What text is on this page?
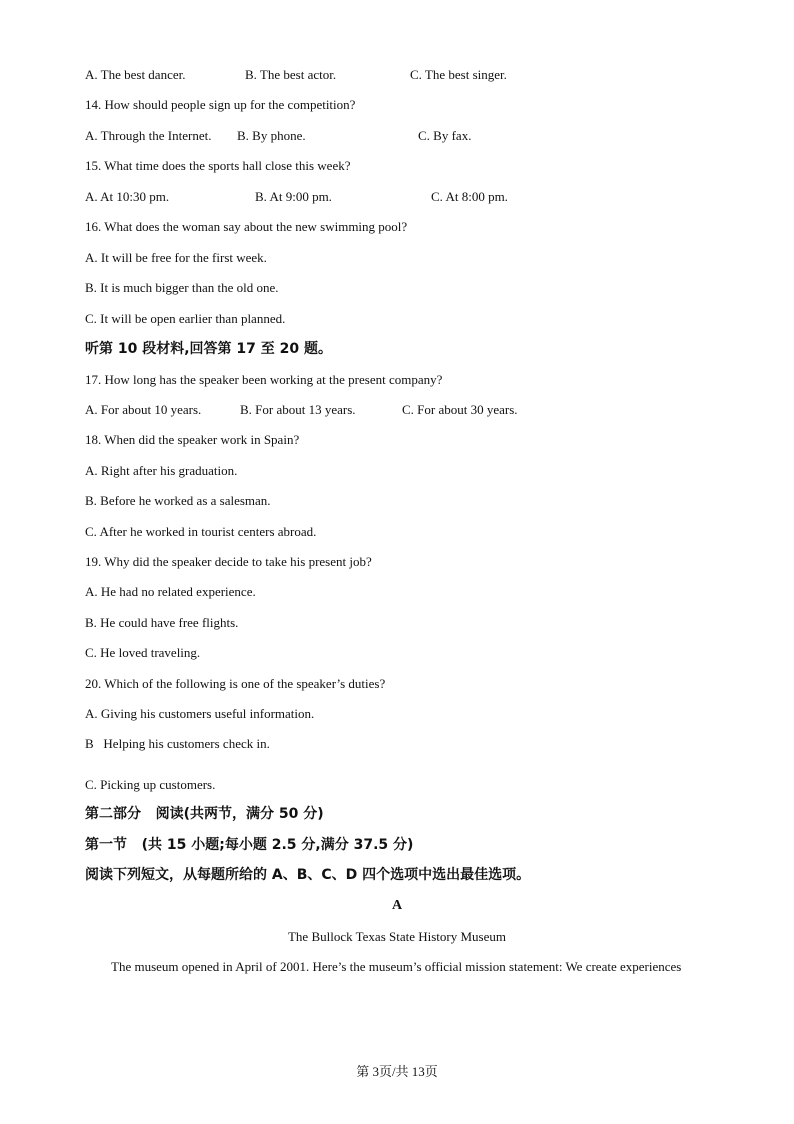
A. The best dancer.	B. The best actor.	C. The best singer.

14. How should people sign up for the competition?

A. Through the Internet. B. By phone.	C. By fax.

15. What time does the sports hall close this week?

A. At 10:30 pm.	B. At 9:00 pm.	C. At 8:00 pm.

16. What does the woman say about the new swimming pool?

A. It will be free for the first week.

B. It is much bigger than the old one.

C. It will be open earlier than planned.

听第 10 段材料,回答第 17 至 20 题。

17. How long has the speaker been working at the present company?

A. For about 10 years.	B. For about 13 years.	C. For about 30 years.

18. When did the speaker work in Spain?

A. Right after his graduation.

B. Before he worked as a salesman.

C. After he worked in tourist centers abroad.

19. Why did the speaker decide to take his present job?

A. He had no related experience.

B. He could have free flights.

C. He loved traveling.

20. Which of the following is one of the speaker’s duties?

A. Giving his customers useful information.

B   Helping his customers check in.

C. Picking up customers.

第二部分   阅读(共两节，满分 50 分)

第一节   (共 15 小题;每小题 2.5 分,满分 37.5 分)

阅读下列短文，从每题所给的 A、B、C、D 四个选项中选出最佳选项。

A

The Bullock Texas State History Museum

The museum opened in April of 2001. Here’s the museum’s official mission statement: We create experiences

第 3页/共 13页
